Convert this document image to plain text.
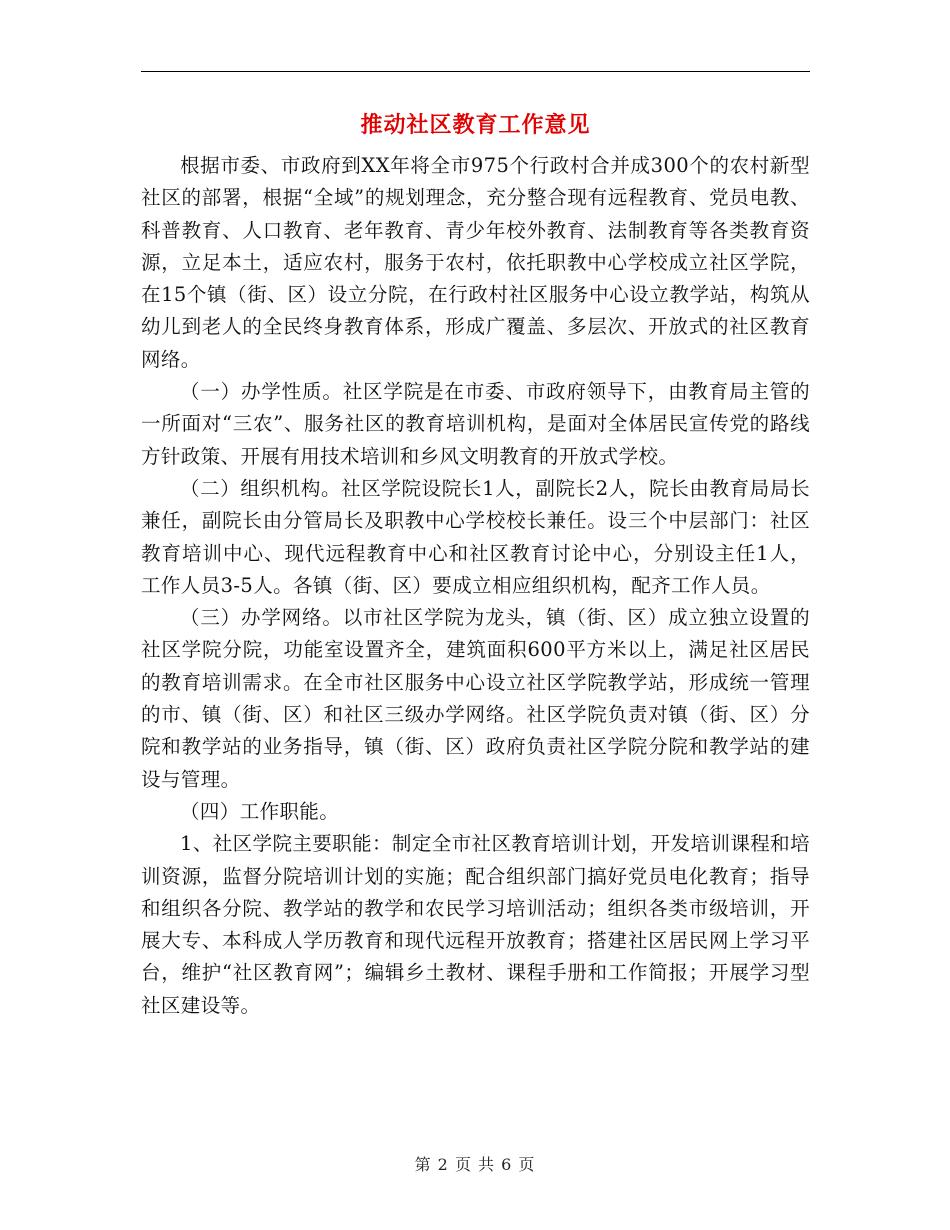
推动社区教育工作意见

根据市委、市政府到XX年将全市975个行政村合并成300个的农村新型社区的部署，根据“全域”的规划理念，充分整合现有远程教育、党员电教、科普教育、人口教育、老年教育、青少年校外教育、法制教育等各类教育资源，立足本土，适应农村，服务于农村，依托职教中心学校成立社区学院，在15个镇（街、区）设立分院，在行政村社区服务中心设立教学站，构筑从幼儿到老人的全民终身教育体系，形成广覆盖、多层次、开放式的社区教育网络。

（一）办学性质。社区学院是在市委、市政府领导下，由教育局主管的一所面对“三农”、服务社区的教育培训机构，是面对全体居民宣传党的路线方针政策、开展有用技术培训和乡风文明教育的开放式学校。

（二）组织机构。社区学院设院长1人，副院长2人，院长由教育局局长兼任，副院长由分管局长及职教中心学校校长兼任。设三个中层部门：社区教育培训中心、现代远程教育中心和社区教育讨论中心，分别设主任1人，工作人员3-5人。各镇（街、区）要成立相应组织机构，配齐工作人员。

（三）办学网络。以市社区学院为龙头，镇（街、区）成立独立设置的社区学院分院，功能室设置齐全，建筑面积600平方米以上，满足社区居民的教育培训需求。在全市社区服务中心设立社区学院教学站，形成统一管理的市、镇（街、区）和社区三级办学网络。社区学院负责对镇（街、区）分院和教学站的业务指导，镇（街、区）政府负责社区学院分院和教学站的建设与管理。

（四）工作职能。

1、社区学院主要职能：制定全市社区教育培训计划，开发培训课程和培训资源，监督分院培训计划的实施；配合组织部门搞好党员电化教育；指导和组织各分院、教学站的教学和农民学习培训活动；组织各类市级培训，开展大专、本科成人学历教育和现代远程开放教育；搭建社区居民网上学习平台，维护“社区教育网”；编辑乡土教材、课程手册和工作简报；开展学习型社区建设等。

第 2 页 共 6 页
